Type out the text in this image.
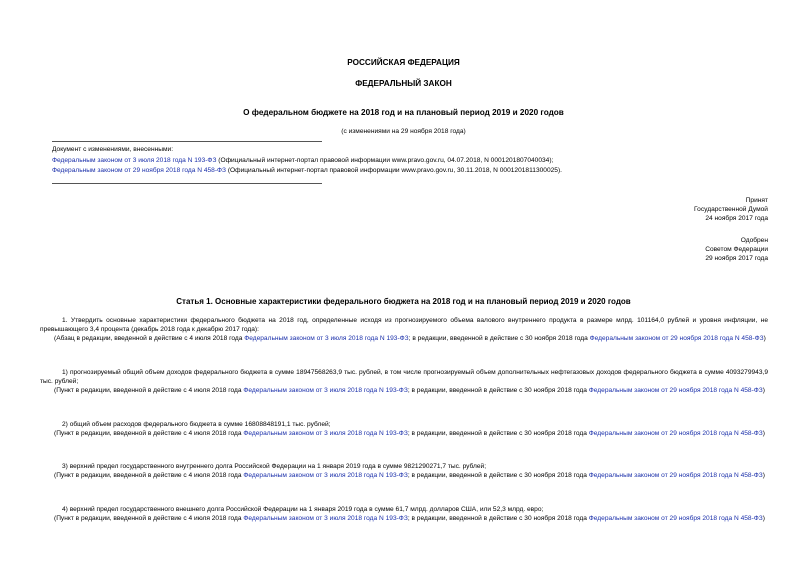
РОССИЙСКАЯ ФЕДЕРАЦИЯ
ФЕДЕРАЛЬНЫЙ ЗАКОН
О федеральном бюджете на 2018 год и на плановый период 2019 и 2020 годов
(с изменениями на 29 ноября 2018 года)
Документ с изменениями, внесенными:
Федеральным законом от 3 июля 2018 года N 193-ФЗ (Официальный интернет-портал правовой информации www.pravo.gov.ru, 04.07.2018, N 0001201807040034);
Федеральным законом от 29 ноября 2018 года N 458-ФЗ (Официальный интернет-портал правовой информации www.pravo.gov.ru, 30.11.2018, N 0001201811300025).
Принят
Государственной Думой
24 ноября 2017 года
Одобрен
Советом Федерации
29 ноября 2017 года
Статья 1. Основные характеристики федерального бюджета на 2018 год и на плановый период 2019 и 2020 годов
1. Утвердить основные характеристики федерального бюджета на 2018 год, определенные исходя из прогнозируемого объема валового внутреннего продукта в размере млрд. 101164,0 рублей и уровня инфляции, не превышающего 3,4 процента (декабрь 2018 года к декабрю 2017 года):
(Абзац в редакции, введенной в действие с 4 июля 2018 года Федеральным законом от 3 июля 2018 года N 193-ФЗ; в редакции, введенной в действие с 30 ноября 2018 года Федеральным законом от 29 ноября 2018 года N 458-ФЗ)
1) прогнозируемый общий объем доходов федерального бюджета в сумме 18947568263,9 тыс. рублей, в том числе прогнозируемый объем дополнительных нефтегазовых доходов федерального бюджета в сумме 4093279943,9 тыс. рублей;
(Пункт в редакции, введенной в действие с 4 июля 2018 года Федеральным законом от 3 июля 2018 года N 193-ФЗ; в редакции, введенной в действие с 30 ноября 2018 года Федеральным законом от 29 ноября 2018 года N 458-ФЗ)
2) общий объем расходов федерального бюджета в сумме 16808848191,1 тыс. рублей;
(Пункт в редакции, введенной в действие с 4 июля 2018 года Федеральным законом от 3 июля 2018 года N 193-ФЗ; в редакции, введенной в действие с 30 ноября 2018 года Федеральным законом от 29 ноября 2018 года N 458-ФЗ)
3) верхний предел государственного внутреннего долга Российской Федерации на 1 января 2019 года в сумме 9821290271,7 тыс. рублей;
(Пункт в редакции, введенной в действие с 4 июля 2018 года Федеральным законом от 3 июля 2018 года N 193-ФЗ; в редакции, введенной в действие с 30 ноября 2018 года Федеральным законом от 29 ноября 2018 года N 458-ФЗ)
4) верхний предел государственного внешнего долга Российской Федерации на 1 января 2019 года в сумме 61,7 млрд. долларов США, или 52,3 млрд. евро;
(Пункт в редакции, введенной в действие с 4 июля 2018 года Федеральным законом от 3 июля 2018 года N 193-ФЗ; в редакции, введенной в действие с 30 ноября 2018 года Федеральным законом от 29 ноября 2018 года N 458-ФЗ)
